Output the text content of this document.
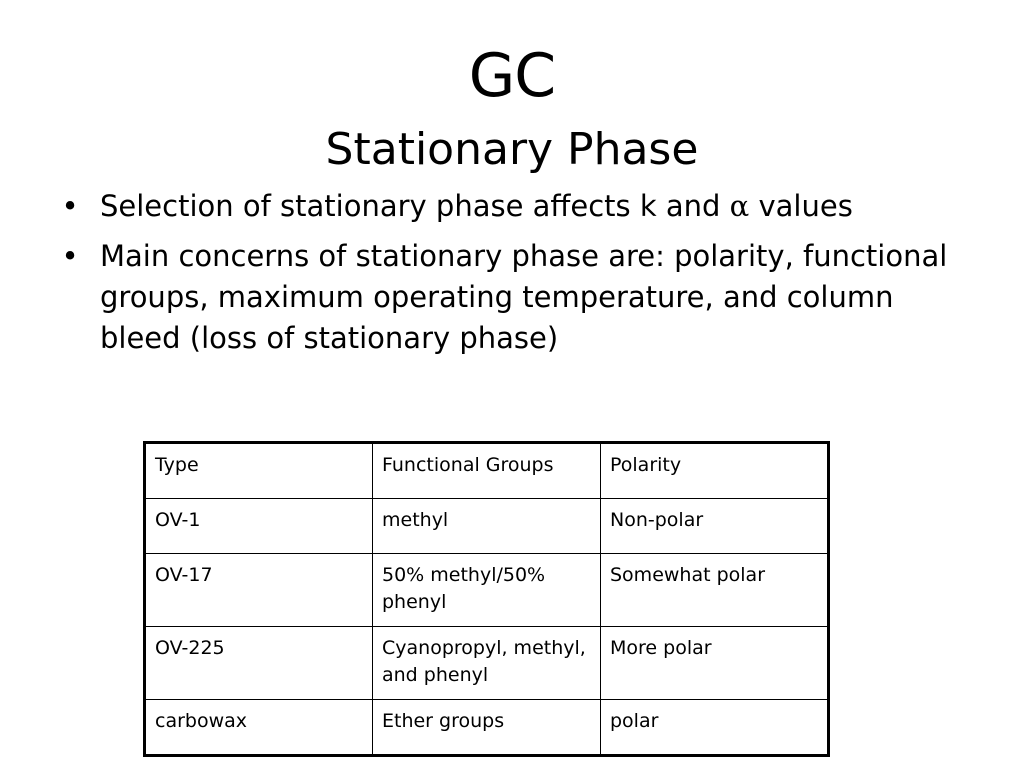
GC
Stationary Phase
• Selection of stationary phase affects k and α values
• Main concerns of stationary phase are: polarity, functional groups, maximum operating temperature, and column bleed (loss of stationary phase)
Type	Functional Groups	Polarity
OV-1	methyl	Non-polar
OV-17	50% methyl/50% phenyl	Somewhat polar
OV-225	Cyanopropyl, methyl, and phenyl	More polar
carbowax	Ether groups	polar
